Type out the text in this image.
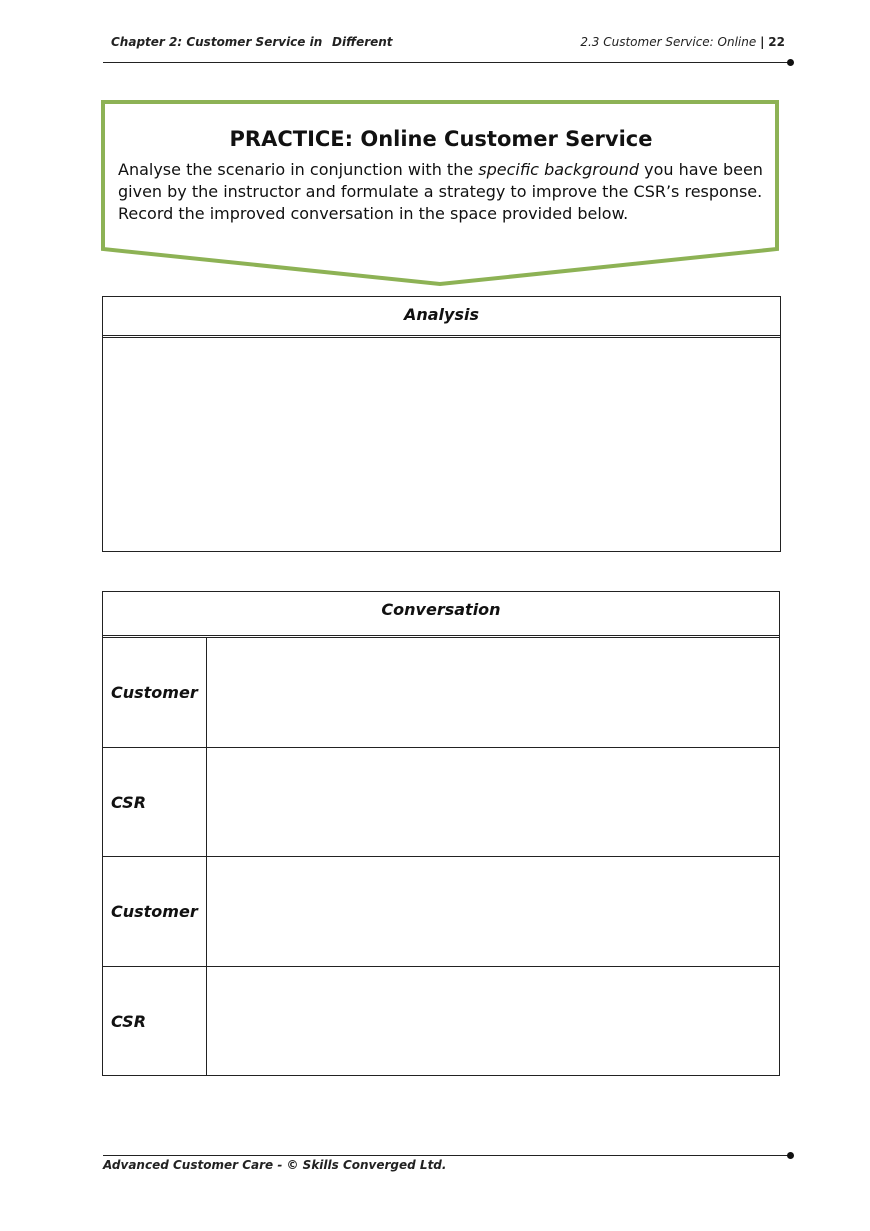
Chapter 2: Customer Service in Different	2.3 Customer Service: Online | 22
PRACTICE: Online Customer Service
Analyse the scenario in conjunction with the specific background you have been given by the instructor and formulate a strategy to improve the CSR’s response. Record the improved conversation in the space provided below.
Analysis
Conversation
Customer
CSR
Customer
CSR
Advanced Customer Care - © Skills Converged Ltd.
